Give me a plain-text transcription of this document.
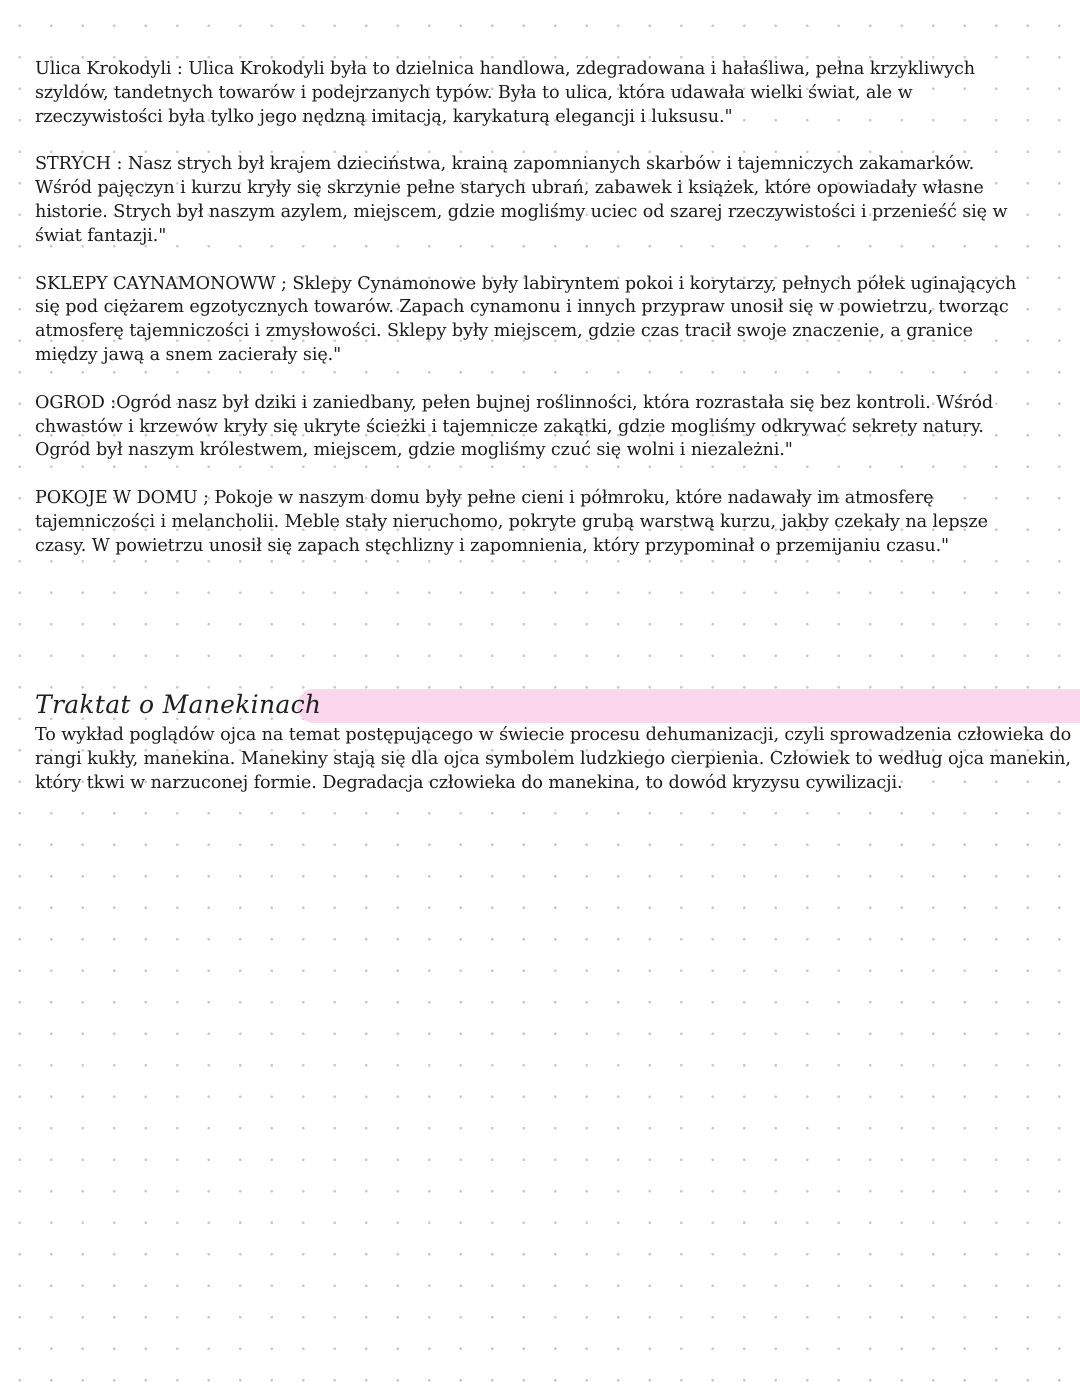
Ulica Krokodyli : Ulica Krokodyli była to dzielnica handlowa, zdegradowana i hałaśliwa, pełna krzykliwych szyldów, tandetnych towarów i podejrzanych typów. Była to ulica, która udawała wielki świat, ale w rzeczywistości była tylko jego nędzną imitacją, karykaturą elegancji i luksusu."

STRYCH : Nasz strych był krajem dzieciństwa, krainą zapomnianych skarbów i tajemniczych zakamarków. Wśród pajęczyn i kurzu kryły się skrzynie pełne starych ubrań, zabawek i książek, które opowiadały własne historie. Strych był naszym azylem, miejscem, gdzie mogliśmy uciec od szarej rzeczywistości i przenieść się w świat fantazji."

SKLEPY CAYNAMONOWW ; Sklepy Cynamonowe były labiryntem pokoi i korytarzy, pełnych półek uginających się pod ciężarem egzotycznych towarów. Zapach cynamonu i innych przypraw unosił się w powietrzu, tworząc atmosferę tajemniczości i zmysłowości. Sklepy były miejscem, gdzie czas tracił swoje znaczenie, a granice między jawą a snem zacierały się."

OGROD :Ogród nasz był dziki i zaniedbany, pełen bujnej roślinności, która rozrastała się bez kontroli. Wśród chwastów i krzewów kryły się ukryte ścieżki i tajemnicze zakątki, gdzie mogliśmy odkrywać sekrety natury. Ogród był naszym królestwem, miejscem, gdzie mogliśmy czuć się wolni i niezależni."

POKOJE W DOMU ; Pokoje w naszym domu były pełne cieni i półmroku, które nadawały im atmosferę tajemniczości i melancholii. Meble stały nieruchomo, pokryte grubą warstwą kurzu, jakby czekały na lepsze czasy. W powietrzu unosił się zapach stęchlizny i zapomnienia, który przypominał o przemijaniu czasu."

Traktat o Manekinach

To wykład poglądów ojca na temat postępującego w świecie procesu dehumanizacji, czyli sprowadzenia człowieka do rangi kukły, manekina. Manekiny stają się dla ojca symbolem ludzkiego cierpienia. Człowiek to według ojca manekin, który tkwi w narzuconej formie. Degradacja człowieka do manekina, to dowód kryzysu cywilizacji.
